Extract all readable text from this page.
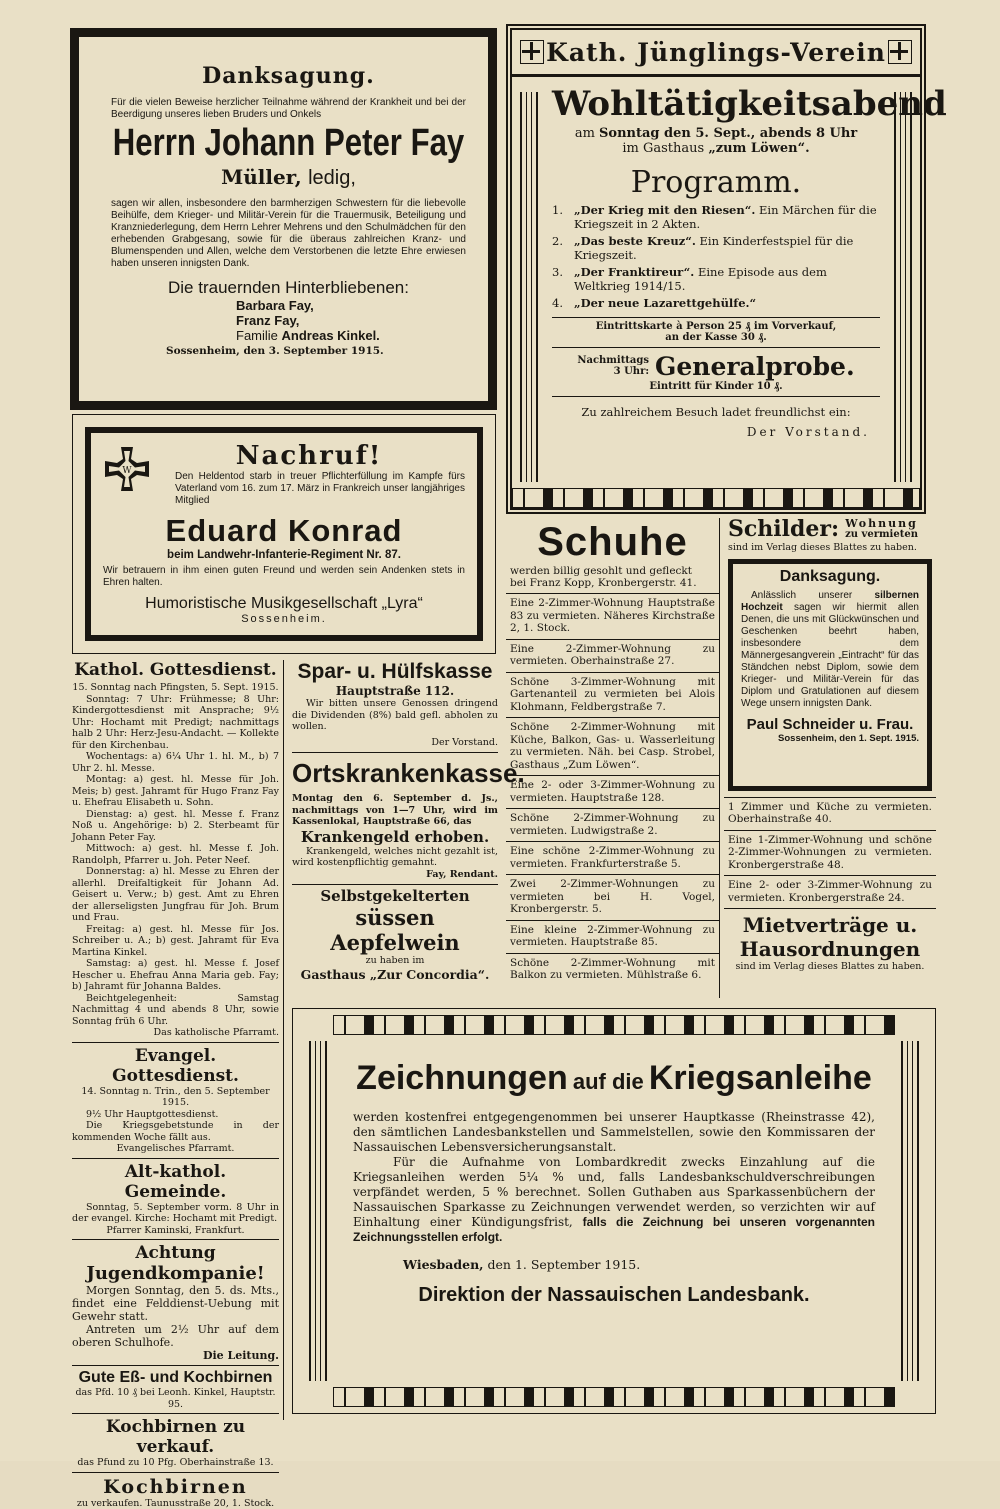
Danksagung.

Für die vielen Beweise herzlicher Teilnahme während der Krankheit und bei der Beerdigung unseres lieben Bruders und Onkels

Herrn Johann Peter Fay
Müller, ledig,

sagen wir allen, insbesondere den barmherzigen Schwestern für die liebevolle Beihülfe, dem Krieger- und Militär-Verein für die Trauermusik, Beteiligung und Kranzniederlegung, dem Herrn Lehrer Mehrens und den Schulmädchen für den erhebenden Grabgesang, sowie für die überaus zahlreichen Kranz- und Blumenspenden und Allen, welche dem Verstorbenen die letzte Ehre erwiesen haben unseren innigsten Dank.

Die trauernden Hinterbliebenen:
Barbara Fay,
Franz Fay,
Familie Andreas Kinkel.
Sossenheim, den 3. September 1915.
W	Nachruf!

Den Heldentod starb in treuer Pflichterfüllung im Kampfe fürs Vaterland vom 16. zum 17. März in Frankreich unser langjähriges Mitglied

Eduard Konrad
beim Landwehr-Infanterie-Regiment Nr. 87.

Wir betrauern in ihm einen guten Freund und werden sein Andenken stets in Ehren halten.

Humoristische Musikgesellschaft „Lyra“
Sossenheim.
Kath. Jünglings-Verein
Wohltätigkeitsabend
am Sonntag den 5. Sept., abends 8 Uhr
im Gasthaus „zum Löwen“.
Programm.
1. „Der Krieg mit den Riesen“. Ein Märchen für die Kriegszeit in 2 Akten.
2. „Das beste Kreuz“. Ein Kinderfestspiel für die Kriegszeit.
3. „Der Franktireur“. Eine Episode aus dem Weltkrieg 1914/15.
4. „Der neue Lazarettgehülfe.“
Eintrittskarte à Person 25 ₰ im Vorverkauf,
an der Kasse 30 ₰.
Nachmittags
3 Uhr: Generalprobe.
Eintritt für Kinder 10 ₰.
Zu zahlreichem Besuch ladet freundlichst ein:
Der Vorstand.
Kathol. Gottesdienst.
15. Sonntag nach Pfingsten, 5. Sept. 1915.
Sonntag: 7 Uhr: Frühmesse; 8 Uhr: Kindergottesdienst mit Ansprache; 9½ Uhr: Hochamt mit Predigt; nachmittags halb 2 Uhr: Herz-Jesu-Andacht. — Kollekte für den Kirchenbau.
Wochentags: a) 6¼ Uhr 1. hl. M., b) 7 Uhr 2. hl. Messe.
Montag: a) gest. hl. Messe für Joh. Meis; b) gest. Jahramt für Hugo Franz Fay u. Ehefrau Elisabeth u. Sohn.
Dienstag: a) gest. hl. Messe f. Franz Noß u. Angehörige: b) 2. Sterbeamt für Johann Peter Fay.
Mittwoch: a) gest. hl. Messe f. Joh. Randolph, Pfarrer u. Joh. Peter Neef.
Donnerstag: a) hl. Messe zu Ehren der allerhl. Dreifaltigkeit für Johann Ad. Geisert u. Verw.; b) gest. Amt zu Ehren der allerseligsten Jungfrau für Joh. Brum und Frau.
Freitag: a) gest. hl. Messe für Jos. Schreiber u. A.; b) gest. Jahramt für Eva Martina Kinkel.
Samstag: a) gest. hl. Messe f. Josef Hescher u. Ehefrau Anna Maria geb. Fay; b) Jahramt für Johanna Baldes.
Beichtgelegenheit: Samstag Nachmittag 4 und abends 8 Uhr, sowie Sonntag früh 6 Uhr.
Das katholische Pfarramt.
Evangel. Gottesdienst.
14. Sonntag n. Trin., den 5. September 1915.
9½ Uhr Hauptgottesdienst.
Die Kriegsgebetstunde in der kommenden Woche fällt aus.
Evangelisches Pfarramt.
Alt-kathol. Gemeinde.
Sonntag, 5. September vorm. 8 Uhr in der evangel. Kirche: Hochamt mit Predigt.
Pfarrer Kaminski, Frankfurt.
Achtung
Jugendkompanie!
Morgen Sonntag, den 5. ds. Mts., findet eine Felddienst-Uebung mit Gewehr statt.
Antreten um 2½ Uhr auf dem oberen Schulhofe.
Die Leitung.
Gute Eß- und Kochbirnen
das Pfd. 10 ₰ bei Leonh. Kinkel, Hauptstr. 95.
Kochbirnen zu verkauf.
das Pfund zu 10 Pfg. Oberhainstraße 13.
Kochbirnen
zu verkaufen. Taunusstraße 20, 1. Stock.
Spar- u. Hülfskasse
Hauptstraße 112.
Wir bitten unsere Genossen dringend die Dividenden (8%) bald gefl. abholen zu wollen.
Der Vorstand.
Ortskrankenkasse.
Montag den 6. September d. Js., nachmittags von 1—7 Uhr, wird im Kassenlokal, Hauptstraße 66, das
Krankengeld erhoben.
Krankengeld, welches nicht gezahlt ist, wird kostenpflichtig gemahnt.
Fay, Rendant.
Selbstgekelterten
süssen Aepfelwein
zu haben im
Gasthaus „Zur Concordia“.
Schuhe
werden billig gesohlt und gefleckt
bei Franz Kopp, Kronbergerstr. 41.
Eine 2-Zimmer-Wohnung Hauptstraße 83 zu vermieten. Näheres Kirchstraße 2, 1. Stock.
Eine 2-Zimmer-Wohnung zu vermieten. Oberhainstraße 27.
Schöne 3-Zimmer-Wohnung mit Gartenanteil zu vermieten bei Alois Klohmann, Feldbergstraße 7.
Schöne 2-Zimmer-Wohnung mit Küche, Balkon, Gas- u. Wasserleitung zu vermieten. Näh. bei Casp. Strobel, Gasthaus „Zum Löwen“.
Eine 2- oder 3-Zimmer-Wohnung zu vermieten. Hauptstraße 128.
Schöne 2-Zimmer-Wohnung zu vermieten. Ludwigstraße 2.
Eine schöne 2-Zimmer-Wohnung zu vermieten. Frankfurterstraße 5.
Zwei 2-Zimmer-Wohnungen zu vermieten bei H. Vogel, Kronbergerstr. 5.
Eine kleine 2-Zimmer-Wohnung zu vermieten. Hauptstraße 85.
Schöne 2-Zimmer-Wohnung mit Balkon zu vermieten. Mühlstraße 6.
Schilder: Wohnung
zu vermieten
sind im Verlag dieses Blattes zu haben.
Danksagung.

Anlässlich unserer silbernen Hochzeit sagen wir hiermit allen Denen, die uns mit Glückwünschen und Geschenken beehrt haben, insbesondere dem Männergesangverein „Eintracht“ für das Ständchen nebst Diplom, sowie dem Krieger- und Militär-Verein für das Diplom und Gratulationen auf diesem Wege unsern innigsten Dank.

Paul Schneider u. Frau.
Sossenheim, den 1. Sept. 1915.
1 Zimmer und Küche zu vermieten. Oberhainstraße 40.
Eine 1-Zimmer-Wohnung und schöne 2-Zimmer-Wohnungen zu vermieten. Kronbergerstraße 48.
Eine 2- oder 3-Zimmer-Wohnung zu vermieten. Kronbergerstraße 24.
Mietverträge u.
Hausordnungen
sind im Verlag dieses Blattes zu haben.
Zeichnungen auf die Kriegsanleihe

werden kostenfrei entgegengenommen bei unserer Hauptkasse (Rheinstrasse 42), den sämtlichen Landesbankstellen und Sammelstellen, sowie den Kommissaren der Nassauischen Lebensversicherungsanstalt.

Für die Aufnahme von Lombardkredit zwecks Einzahlung auf die Kriegsanleihen werden 5¼ % und, falls Landesbankschuldverschreibungen verpfändet werden, 5 % berechnet. Sollen Guthaben aus Sparkassenbüchern der Nassauischen Sparkasse zu Zeichnungen verwendet werden, so verzichten wir auf Einhaltung einer Kündigungsfrist, falls die Zeichnung bei unseren vorgenannten Zeichnungsstellen erfolgt.

Wiesbaden, den 1. September 1915.
Direktion der Nassauischen Landesbank.
